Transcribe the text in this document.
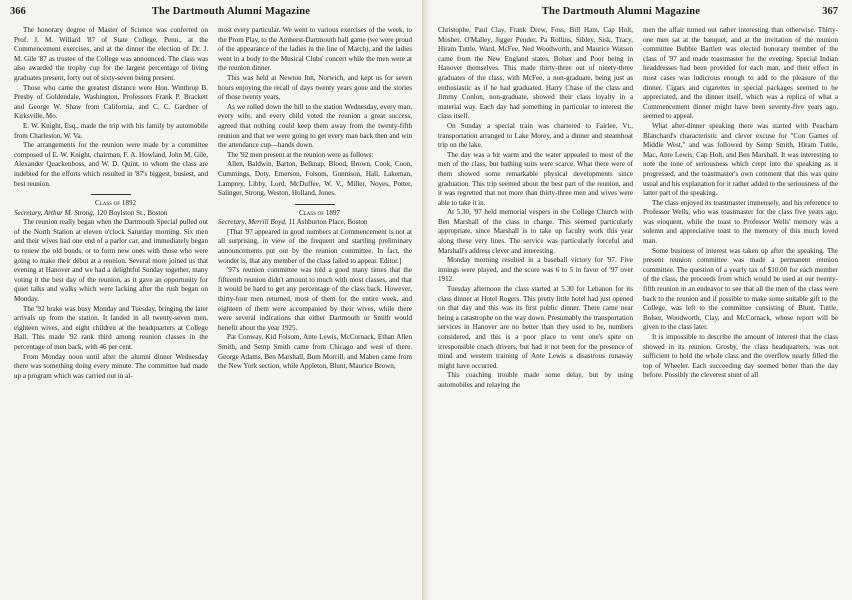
366	The Dartmouth Alumni Magazine

The honorary degree of Master of Science was conferred on Prof. J. M. Willard '87 of State College, Penn., at the Commencement exercises, and at the dinner the election of Dr. J. M. Gile '87 as trustee of the College was announced. The class was also awarded the trophy cup for the largest percentage of living graduates present, forty out of sixty-seven being present.

Those who came the greatest distance were Hon. Winthrop B. Presby of Goldendale, Washington, Professors Frank P. Brackett and George W. Shaw from California, and C. C. Gardner of Kirksville, Mo.

E. W. Knight, Esq., made the trip with his family by automobile from Charleston, W. Va.

The arrangements for the reunion were made by a committee composed of E. W. Knight, chairman, F. A. Howland, John M. Gile, Alexander Quackenboss, and W. D. Quint, to whom the class are indebted for the efforts which resulted in '87's biggest, busiest, and best reunion.

Class of 1892

Secretary, Arthur M. Strong, 120 Boylston St., Boston

The reunion really began when the Dartmouth Special pulled out of the North Station at eleven o'clock Saturday morning. Six men and their wives had one end of a parlor car, and immediately began to renew the old bonds, or to form new ones with those who were going to make their début at a reunion. Several more joined us that evening at Hanover and we had a delightful Sunday together, many voting it the best day of the reunion, as it gave an opportunity for quiet talks and walks which were lacking after the rush began on Monday.

The '92 brake was busy Monday and Tuesday, bringing the later arrivals up from the station. It landed in all twenty-seven men, eighteen wives, and eight children at the headquarters at College Hall. This made '92 rank third among reunion classes in the percentage of men back, with 46 per cent.

From Monday noon until after the alumni dinner Wednesday there was something doing every minute. The committee had made up a program which was carried out in al-

most every particular. We went to various exercises of the week, to the Prom Play, to the Amherst-Dartmouth ball game (we were proud of the appearance of the ladies in the line of March), and the ladies went in a body to the Musical Clubs' concert while the men were at the reunion dinner.

This was held at Newton Inn, Norwich, and kept us for seven hours enjoying the recall of days twenty years gone and the stories of those twenty years.

As we rolled down the hill to the station Wednesday, every man, every wife, and every child voted the reunion a great success, agreed that nothing could keep them away from the twenty-fifth reunion and that we were going to get every man back then and win the attendance cup—hands down.

The '92 men present at the reunion were as follows:

Allen, Baldwin, Barton, Belknap, Blood, Brown, Cook, Coon, Cummings, Doty, Emerson, Folsom, Gunnison, Hall, Lakeman, Lamprey, Libby, Lord, McDuffee, W. V., Miller, Noyes, Potter, Salinger, Strong, Weston, Holland, Jones.

Class of 1897

Secretary, Merrill Boyd, 11 Ashburton Place, Boston

[That '97 appeared in good numbers at Commencement is not at all surprising, in view of the frequent and startling preliminary announcements put out by the reunion committee. In fact, the wonder is, that any member of the class failed to appear. Editor.]

'97's reunion committee was told a good many times that the fifteenth reunion didn't amount to much with most classes, and that it would be hard to get any percentage of the class back. However, thirty-four men returned, most of them for the entire week, and eighteen of them were accompanied by their wives, while there were several indications that either Dartmouth or Smith would benefit about the year 1925.

Pat Conway, Kid Folsom, Ante Lewis, McCornack, Ethan Allen Smith, and Semp Smith came from Chicago and west of there. George Adams, Ben Marshall, Bum Morrill, and Maben came from the New York section, while Appleton, Blunt, Maurice Brown,

The Dartmouth Alumni Magazine	367

Christophe, Paul Clay, Frank Drew, Foss, Bill Ham, Cap Holt, Mosher, O'Malley, Jigger Pender, Pa Rollins, Sibley, Sisk, Tracy, Hiram Tuttle, Ward, McFee, Ned Woodworth, and Maurice Watson came from the New England states, Bolser and Poor being in Hanover themselves. This made thirty-three out of ninety-three graduates of the class, with McFee, a non-graduate, being just as enthusiastic as if he had graduated. Harry Chase of the class and Jimmy Conlon, non-graduate, showed their class loyalty in a material way. Each day had something in particular to interest the class itself.

On Sunday a special train was chartered to Fairlee, Vt., transportation arranged to Lake Morey, and a dinner and steamboat trip on the lake.

The day was a bit warm and the water appealed to most of the men of the class, but bathing suits were scarce. What there were of them showed some remarkable physical developments since graduation. This trip seemed about the best part of the reunion, and it was regretted that not more than thirty-three men and wives were able to take it in.

At 5.30, '97 held memorial vespers in the College Church with Ben Marshall of the class in charge. This seemed particularly appropriate, since Marshall is to take up faculty work this year along these very lines. The service was particularly forceful and Marshall's address clever and interesting.

Monday morning resulted in a baseball victory for '97. Five innings were played, and the score was 6 to 5 in favor of '97 over 1912.

Tuesday afternoon the class started at 5.30 for Lebanon for its class dinner at Hotel Rogers. This pretty little hotel had just opened on that day and this was its first public dinner. There came near being a catastrophe on the way down. Presumably the transportation services in Hanover are no better than they used to be, numbers considered, and this is a poor place to vent one's spite on irresponsible coach drivers, but had it not been for the presence of mind and western training of Ante Lewis a disastrous runaway might have occurred.

This coaching trouble made some delay, but by using automobiles and relaying the

men the affair turned out rather interesting than otherwise. Thirty-one men sat at the banquet, and at the invitation of the reunion committee Bubbie Bartlett was elected honorary member of the class of '97 and made toastmaster for the evening. Special Indian headdresses had been provided for each man, and their effect in most cases was ludicrous enough to add to the pleasure of the dinner. Cigars and cigarettes in special packages seemed to be appreciated, and the dinner itself, which was a replica of what a Commencement dinner might have been seventy-five years ago, seemed to appeal.

What after-dinner speaking there was started with Peacham Blanchard's characteristic and clever excuse for "Con Games of Middle West," and was followed by Semp Smith, Hiram Tuttle, Mac, Ante Lewis, Cap Holt, and Ben Marshall. It was interesting to note the tone of seriousness which crept into the speaking as it progressed, and the toastmaster's own comment that this was quite usual and his explanation for it rather added to the seriousness of the latter part of the speaking.

The class enjoyed its toastmaster immensely, and his reference to Professor Wells, who was toastmaster for the class five years ago, was eloquent, while the toast to Professor Wells' memory was a solemn and appreciative toast to the memory of this much loved man.

Some business of interest was taken up after the speaking. The present reunion committee was made a permanent reunion committee. The question of a yearly tax of $10.00 for each member of the class, the proceeds from which would be used at our twenty-fifth reunion in an endeavor to see that all the men of the class were back to the reunion and if possible to make some suitable gift to the College, was left to the committee consisting of Blunt, Tuttle, Bolser, Woodworth, Clay, and McCornack, whose report will be given to the class later.

It is impossible to describe the amount of interest that the class showed in its reunion. Grosby, the class headquarters, was not sufficient to hold the whole class and the overflow nearly filled the top of Wheeler. Each succeeding day seemed better than the day before. Possibly the cleverest stunt of all
